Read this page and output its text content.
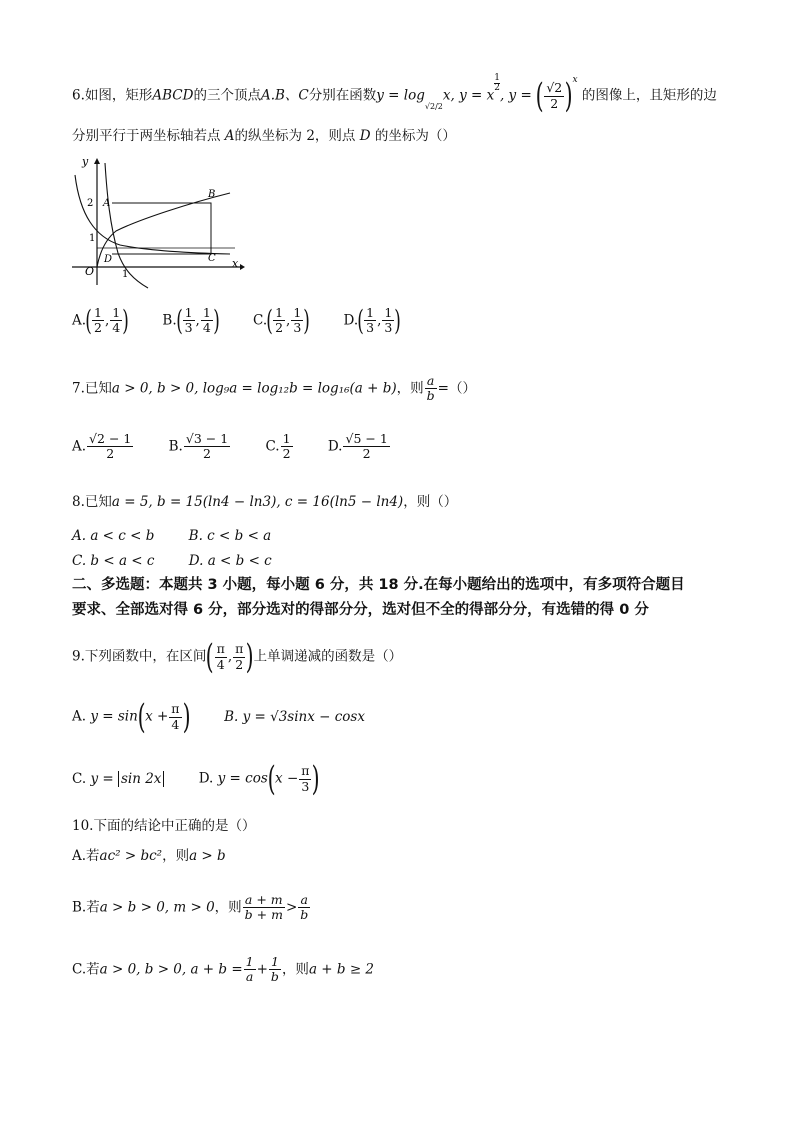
6.如图，矩形ABCD的三个顶点A.B、C分别在函数$y = \log_{√2/2}x$, y = x
$^{\frac{1}{2}}$
, y = ( $\frac{√2}{2} )^x$ 的图像上，且矩形的边
分别平行于两坐标轴若点 A的纵坐标为 2，则点 D 的坐标为（）
y
x
O	1
1
2 A
B
C
D
$A.( \frac{1}{2}$ , $\frac{1}{4}$ ) $B.( \frac{1}{3}$ , $\frac{1}{4}$ ) $C.( \frac{1}{2}$ , $\frac{1}{3}$ ) $D.( \frac{1}{3}$ , $\frac{1}{3}$ )
7.已知a > 0, b > 0, log₉a = log₁₂b = log₁₆(a + b)，则 $\frac{a}{b}$ =（）
A. $\frac{√2 - 1}{2}$	B. $\frac{√3 - 1}{2}$	C. $\frac{1}{2}$	D. $\frac{√5 - 1}{2}$
8.已知a = 5, b = 15(ln4 − ln3), c = 16(ln5 − ln4)，则（）
A. a < c < b	B. c < b < a
C. b < a < c	D. a < b < c
二、多选题：本题共 3 小题，每小题 6 分，共 18 分.在每小题给出的选项中，有多项符合题目
要求、全部选对得 6 分，部分选对的得部分分，选对但不全的得部分分，有选错的得 0 分
9.下列函数中，在区间( $\frac{\pi}{4}$ , $\frac{\pi}{2}$ )上单调递减的函数是（）
A. $y = \sin(x + \frac{\pi}{4}$ )	B. y = √3sinx − cosx
C. y = sin 2x	D. $y = \cos(x - \frac{\pi}{3}$ )
10.下面的结论中正确的是（）
A.若ac² > bc²，则a > b
B.若a > b > 0, m > 0，则 $\frac{a + m}{b + m} > \frac{a}{b}$
C.若a > 0, b > 0, $a + b = \frac{1}{a} + \frac{1}{b}$ ，则a + b ≥ 2
